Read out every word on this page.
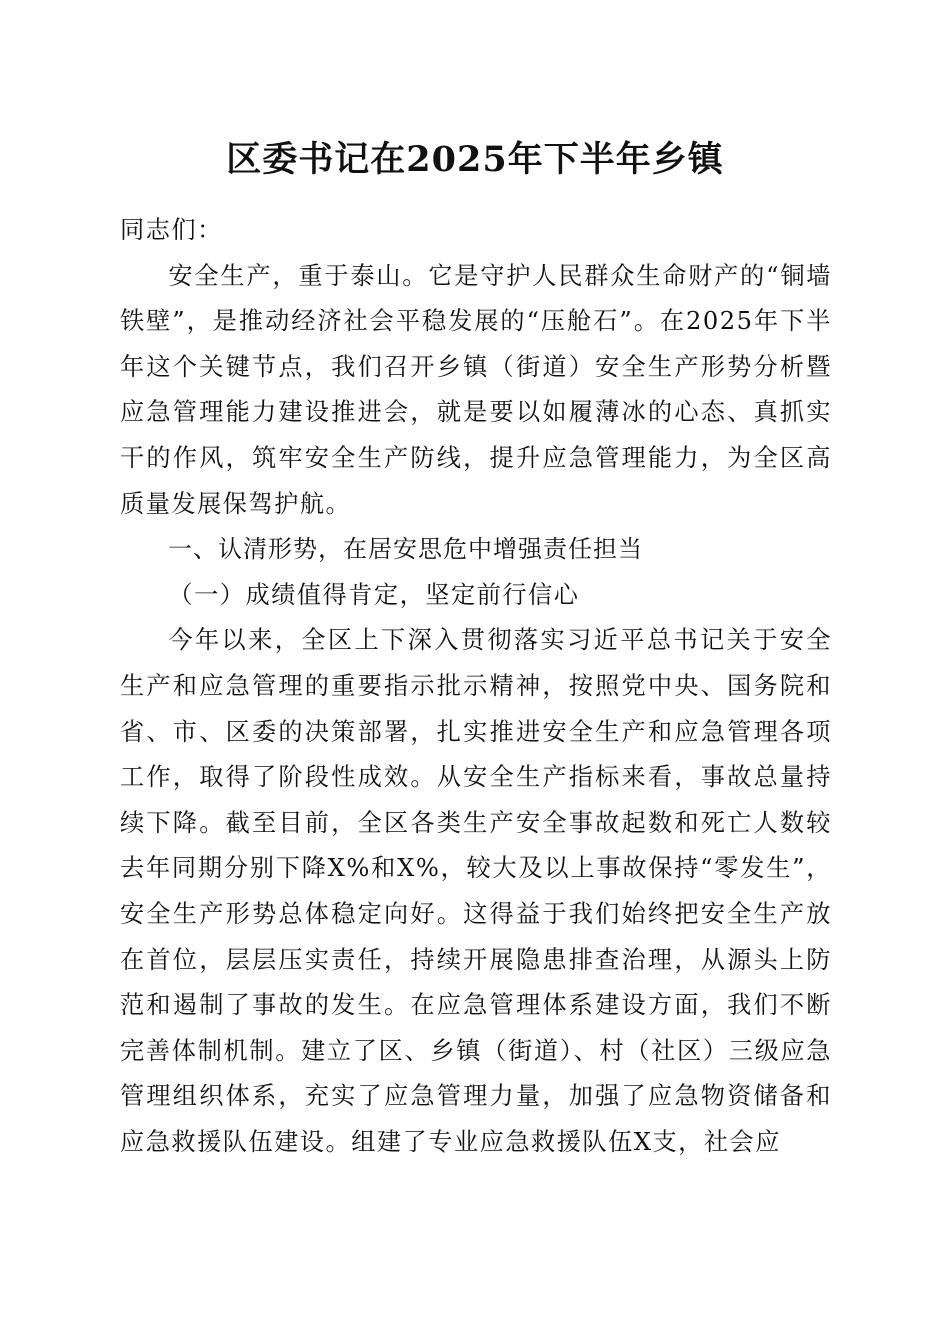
区委书记在2025年下半年乡镇

同志们：

安全生产，重于泰山。它是守护人民群众生命财产的“铜墙铁壁”，是推动经济社会平稳发展的“压舱石”。在2025年下半年这个关键节点，我们召开乡镇（街道）安全生产形势分析暨应急管理能力建设推进会，就是要以如履薄冰的心态、真抓实干的作风，筑牢安全生产防线，提升应急管理能力，为全区高质量发展保驾护航。

一、认清形势，在居安思危中增强责任担当

（一）成绩值得肯定，坚定前行信心

今年以来，全区上下深入贯彻落实习近平总书记关于安全生产和应急管理的重要指示批示精神，按照党中央、国务院和省、市、区委的决策部署，扎实推进安全生产和应急管理各项工作，取得了阶段性成效。从安全生产指标来看，事故总量持续下降。截至目前，全区各类生产安全事故起数和死亡人数较去年同期分别下降X%和X%，较大及以上事故保持“零发生”，安全生产形势总体稳定向好。这得益于我们始终把安全生产放在首位，层层压实责任，持续开展隐患排查治理，从源头上防范和遏制了事故的发生。在应急管理体系建设方面，我们不断完善体制机制。建立了区、乡镇（街道）、村（社区）三级应急管理组织体系，充实了应急管理力量，加强了应急物资储备和应急救援队伍建设。组建了专业应急救援队伍X支，社会应
